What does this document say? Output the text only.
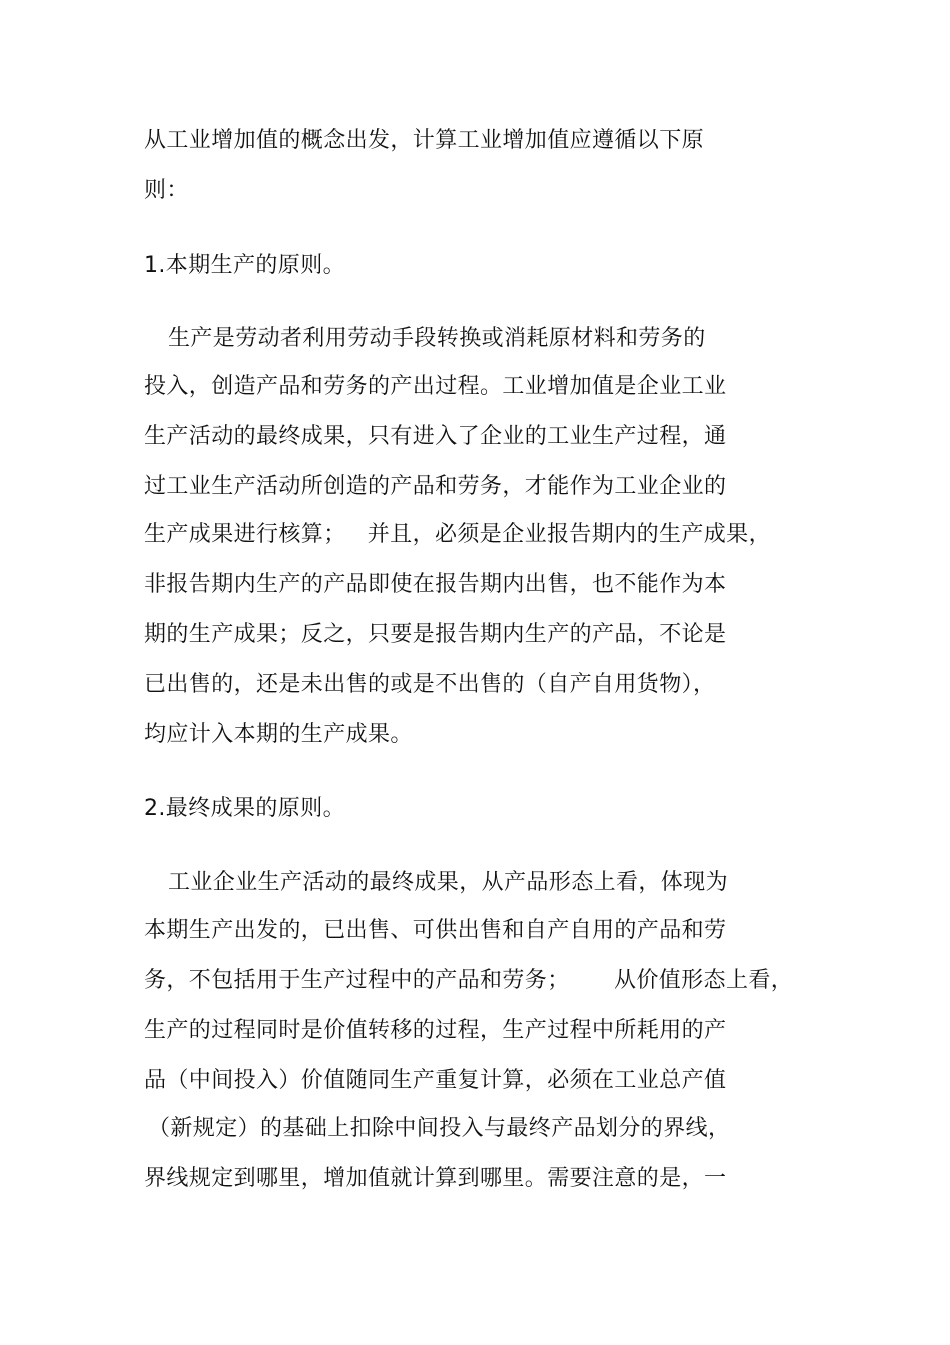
从工业增加值的概念出发，计算工业增加值应遵循以下原
则：
1.本期生产的原则。
生产是劳动者利用劳动手段转换或消耗原材料和劳务的
投入，创造产品和劳务的产出过程。工业增加值是企业工业
生产活动的最终成果，只有进入了企业的工业生产过程，通
过工业生产活动所创造的产品和劳务，才能作为工业企业的
生产成果进行核算；   并且，必须是企业报告期内的生产成果，
非报告期内生产的产品即使在报告期内出售，也不能作为本
期的生产成果；反之，只要是报告期内生产的产品，不论是
已出售的，还是未出售的或是不出售的（自产自用货物），
均应计入本期的生产成果。
2.最终成果的原则。
工业企业生产活动的最终成果，从产品形态上看，体现为
本期生产出发的，已出售、可供出售和自产自用的产品和劳
务，不包括用于生产过程中的产品和劳务；      从价值形态上看，
生产的过程同时是价值转移的过程，生产过程中所耗用的产
品（中间投入）价值随同生产重复计算，必须在工业总产值
（新规定）的基础上扣除中间投入与最终产品划分的界线，
界线规定到哪里，增加值就计算到哪里。需要注意的是，一
